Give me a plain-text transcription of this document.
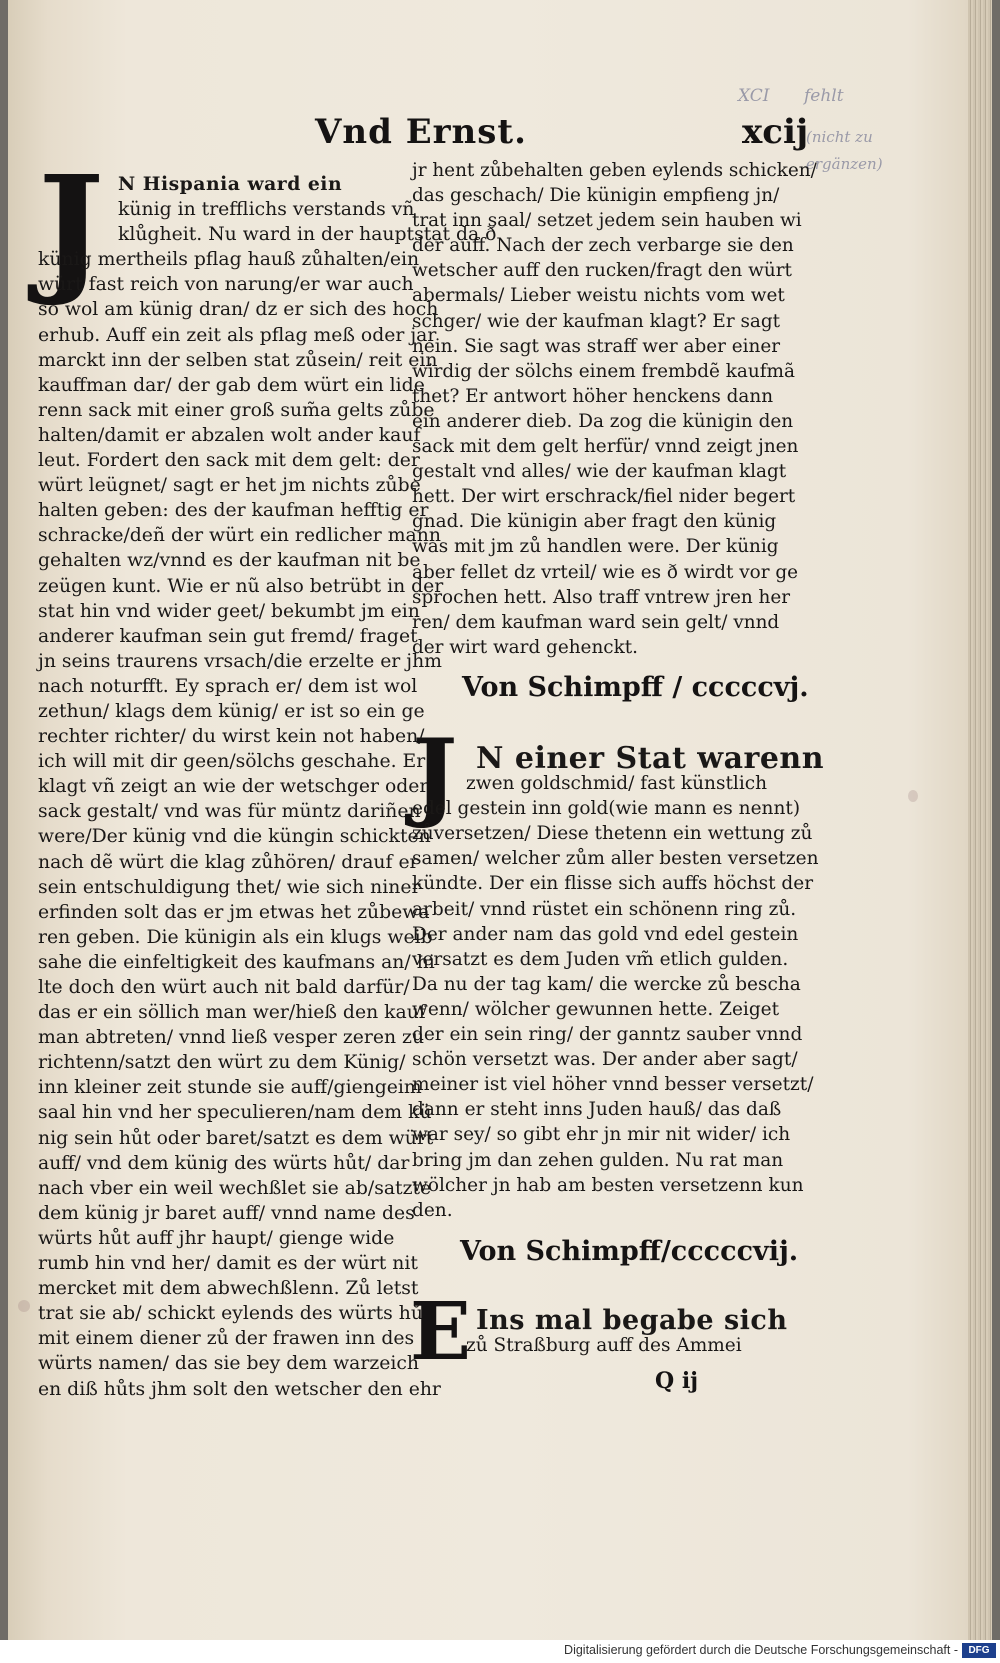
Vnd Ernst.	xcij
XCI fehlt
(nicht zu ergänzen)
J N Hispania ward ein
künig in trefflichs verstands vñ
klůgheit. Nu ward in der hauptstat da ð
künig mertheils pflag hauß zůhalten/ein
würt fast reich von narung/er war auch
so wol am künig dran/ dz er sich des hoch
erhub. Auff ein zeit als pflag meß oder jar
marckt inn der selben stat zůsein/ reit ein
kauffman dar/ der gab dem würt ein lide
renn sack mit einer groß sum̃a gelts zůbe
halten/damit er abzalen wolt ander kauf
leut. Fordert den sack mit dem gelt: der
würt leügnet/ sagt er het jm nichts zůbe
halten geben: des der kaufman hefftig er
schracke/deñ der würt ein redlicher mann
gehalten wz/vnnd es der kaufman nit be
zeügen kunt. Wie er nũ also betrübt in der
stat hin vnd wider geet/ bekumbt jm ein
anderer kaufman sein gut fremd/ fraget
jn seins traurens vrsach/die erzelte er jhm
nach noturfft. Ey sprach er/ dem ist wol
zethun/ klags dem künig/ er ist so ein ge
rechter richter/ du wirst kein not haben/
ich will mit dir geen/sölchs geschahe. Er
klagt vñ zeigt an wie der wetschger oder
sack gestalt/ vnd was für müntz dariñen
were/Der künig vnd die küngin schickten
nach dẽ würt die klag zůhören/ drauf er
sein entschuldigung thet/ wie sich niner
erfinden solt das er jm etwas het zůbewa
ren geben. Die künigin als ein klugs weib
sahe die einfeltigkeit des kaufmans an/ hi
lte doch den würt auch nit bald darfür/
das er ein söllich man wer/hieß den kauf
man abtreten/ vnnd ließ vesper zeren zu
richtenn/satzt den würt zu dem Künig/
inn kleiner zeit stunde sie auff/giengeim
saal hin vnd her speculieren/nam dem kü
nig sein hůt oder baret/satzt es dem würt
auff/ vnd dem künig des würts hůt/ dar
nach vber ein weil wechßlet sie ab/satzte
dem künig jr baret auff/ vnnd name des
würts hůt auff jhr haupt/ gienge wide
rumb hin vnd her/ damit es der würt nit
mercket mit dem abwechßlenn. Zů letst
trat sie ab/ schickt eylends des würts hůt
mit einem diener zů der frawen inn des
würts namen/ das sie bey dem warzeich
en diß hůts jhm solt den wetscher den ehr
jr hent zůbehalten geben eylends schicken/
das geschach/ Die künigin empfieng jn/
trat inn saal/ setzet jedem sein hauben wi
der auff. Nach der zech verbarge sie den
wetscher auff den rucken/fragt den würt
abermals/ Lieber weistu nichts vom wet
schger/ wie der kaufman klagt? Er sagt
nein. Sie sagt was straff wer aber einer
wirdig der sölchs einem frembdẽ kaufmã
thet? Er antwort höher henckens dann
ein anderer dieb. Da zog die künigin den
sack mit dem gelt herfür/ vnnd zeigt jnen
gestalt vnd alles/ wie der kaufman klagt
hett. Der wirt erschrack/fiel nider begert
gnad. Die künigin aber fragt den künig
was mit jm zů handlen were. Der künig
aber fellet dz vrteil/ wie es ð wirdt vor ge
sprochen hett. Also traff vntrew jren her
ren/ dem kaufman ward sein gelt/ vnnd
der wirt ward gehenckt.
Von Schimpff / cccccvj.
J N einer Stat warenn
zwen goldschmid/ fast künstlich
edel gestein inn gold(wie mann es nennt)
zůversetzen/ Diese thetenn ein wettung zů
samen/ welcher zům aller besten versetzen
kündte. Der ein flisse sich auffs höchst der
arbeit/ vnnd rüstet ein schönenn ring zů.
Der ander nam das gold vnd edel gestein
versatzt es dem Juden vm̃ etlich gulden.
Da nu der tag kam/ die wercke zů bescha
wenn/ wölcher gewunnen hette. Zeiget
der ein sein ring/ der ganntz sauber vnnd
schön versetzt was. Der ander aber sagt/
meiner ist viel höher vnnd besser versetzt/
dann er steht inns Juden hauß/ das daß
war sey/ so gibt ehr jn mir nit wider/ ich
bring jm dan zehen gulden. Nu rat man
wölcher jn hab am besten versetzenn kun
den.
Von Schimpff/cccccvij.
E Ins mal begabe sich
zů Straßburg auff des Ammei
Q ij
Digitalisierung gefördert durch die Deutsche Forschungsgemeinschaft -	DFG
